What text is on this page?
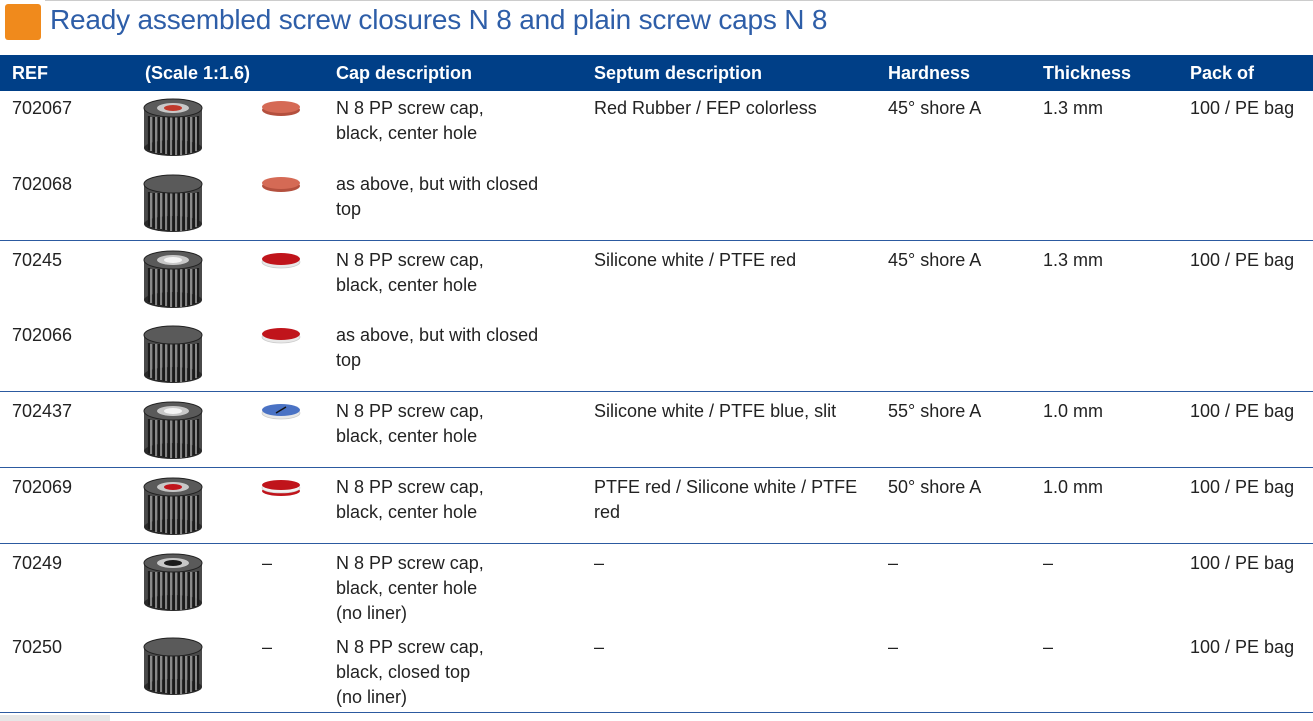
Ready assembled screw closures N 8 and plain screw caps N 8
REF	(Scale 1:1.6)	Cap description	Septum description	Hardness	Thickness	Pack of
702067	N 8 PP screw cap,
black, center hole
Red Rubber / FEP colorless	45° shore A	1.3 mm	100 / PE bag
702068	as above, but with closed
top
70245	N 8 PP screw cap,
black, center hole
Silicone white / PTFE red	45° shore A	1.3 mm	100 / PE bag
702066	as above, but with closed
top
702437	N 8 PP screw cap,
black, center hole
Silicone white / PTFE blue, slit	55° shore A	1.0 mm	100 / PE bag
702069	N 8 PP screw cap,
black, center hole
PTFE red / Silicone white / PTFE
red
50° shore A	1.0 mm	100 / PE bag
70249	–	N 8 PP screw cap,
black, center hole
(no liner)
–	–	–	100 / PE bag
70250	–	N 8 PP screw cap,
black, closed top
(no liner)
–	–	–	100 / PE bag
